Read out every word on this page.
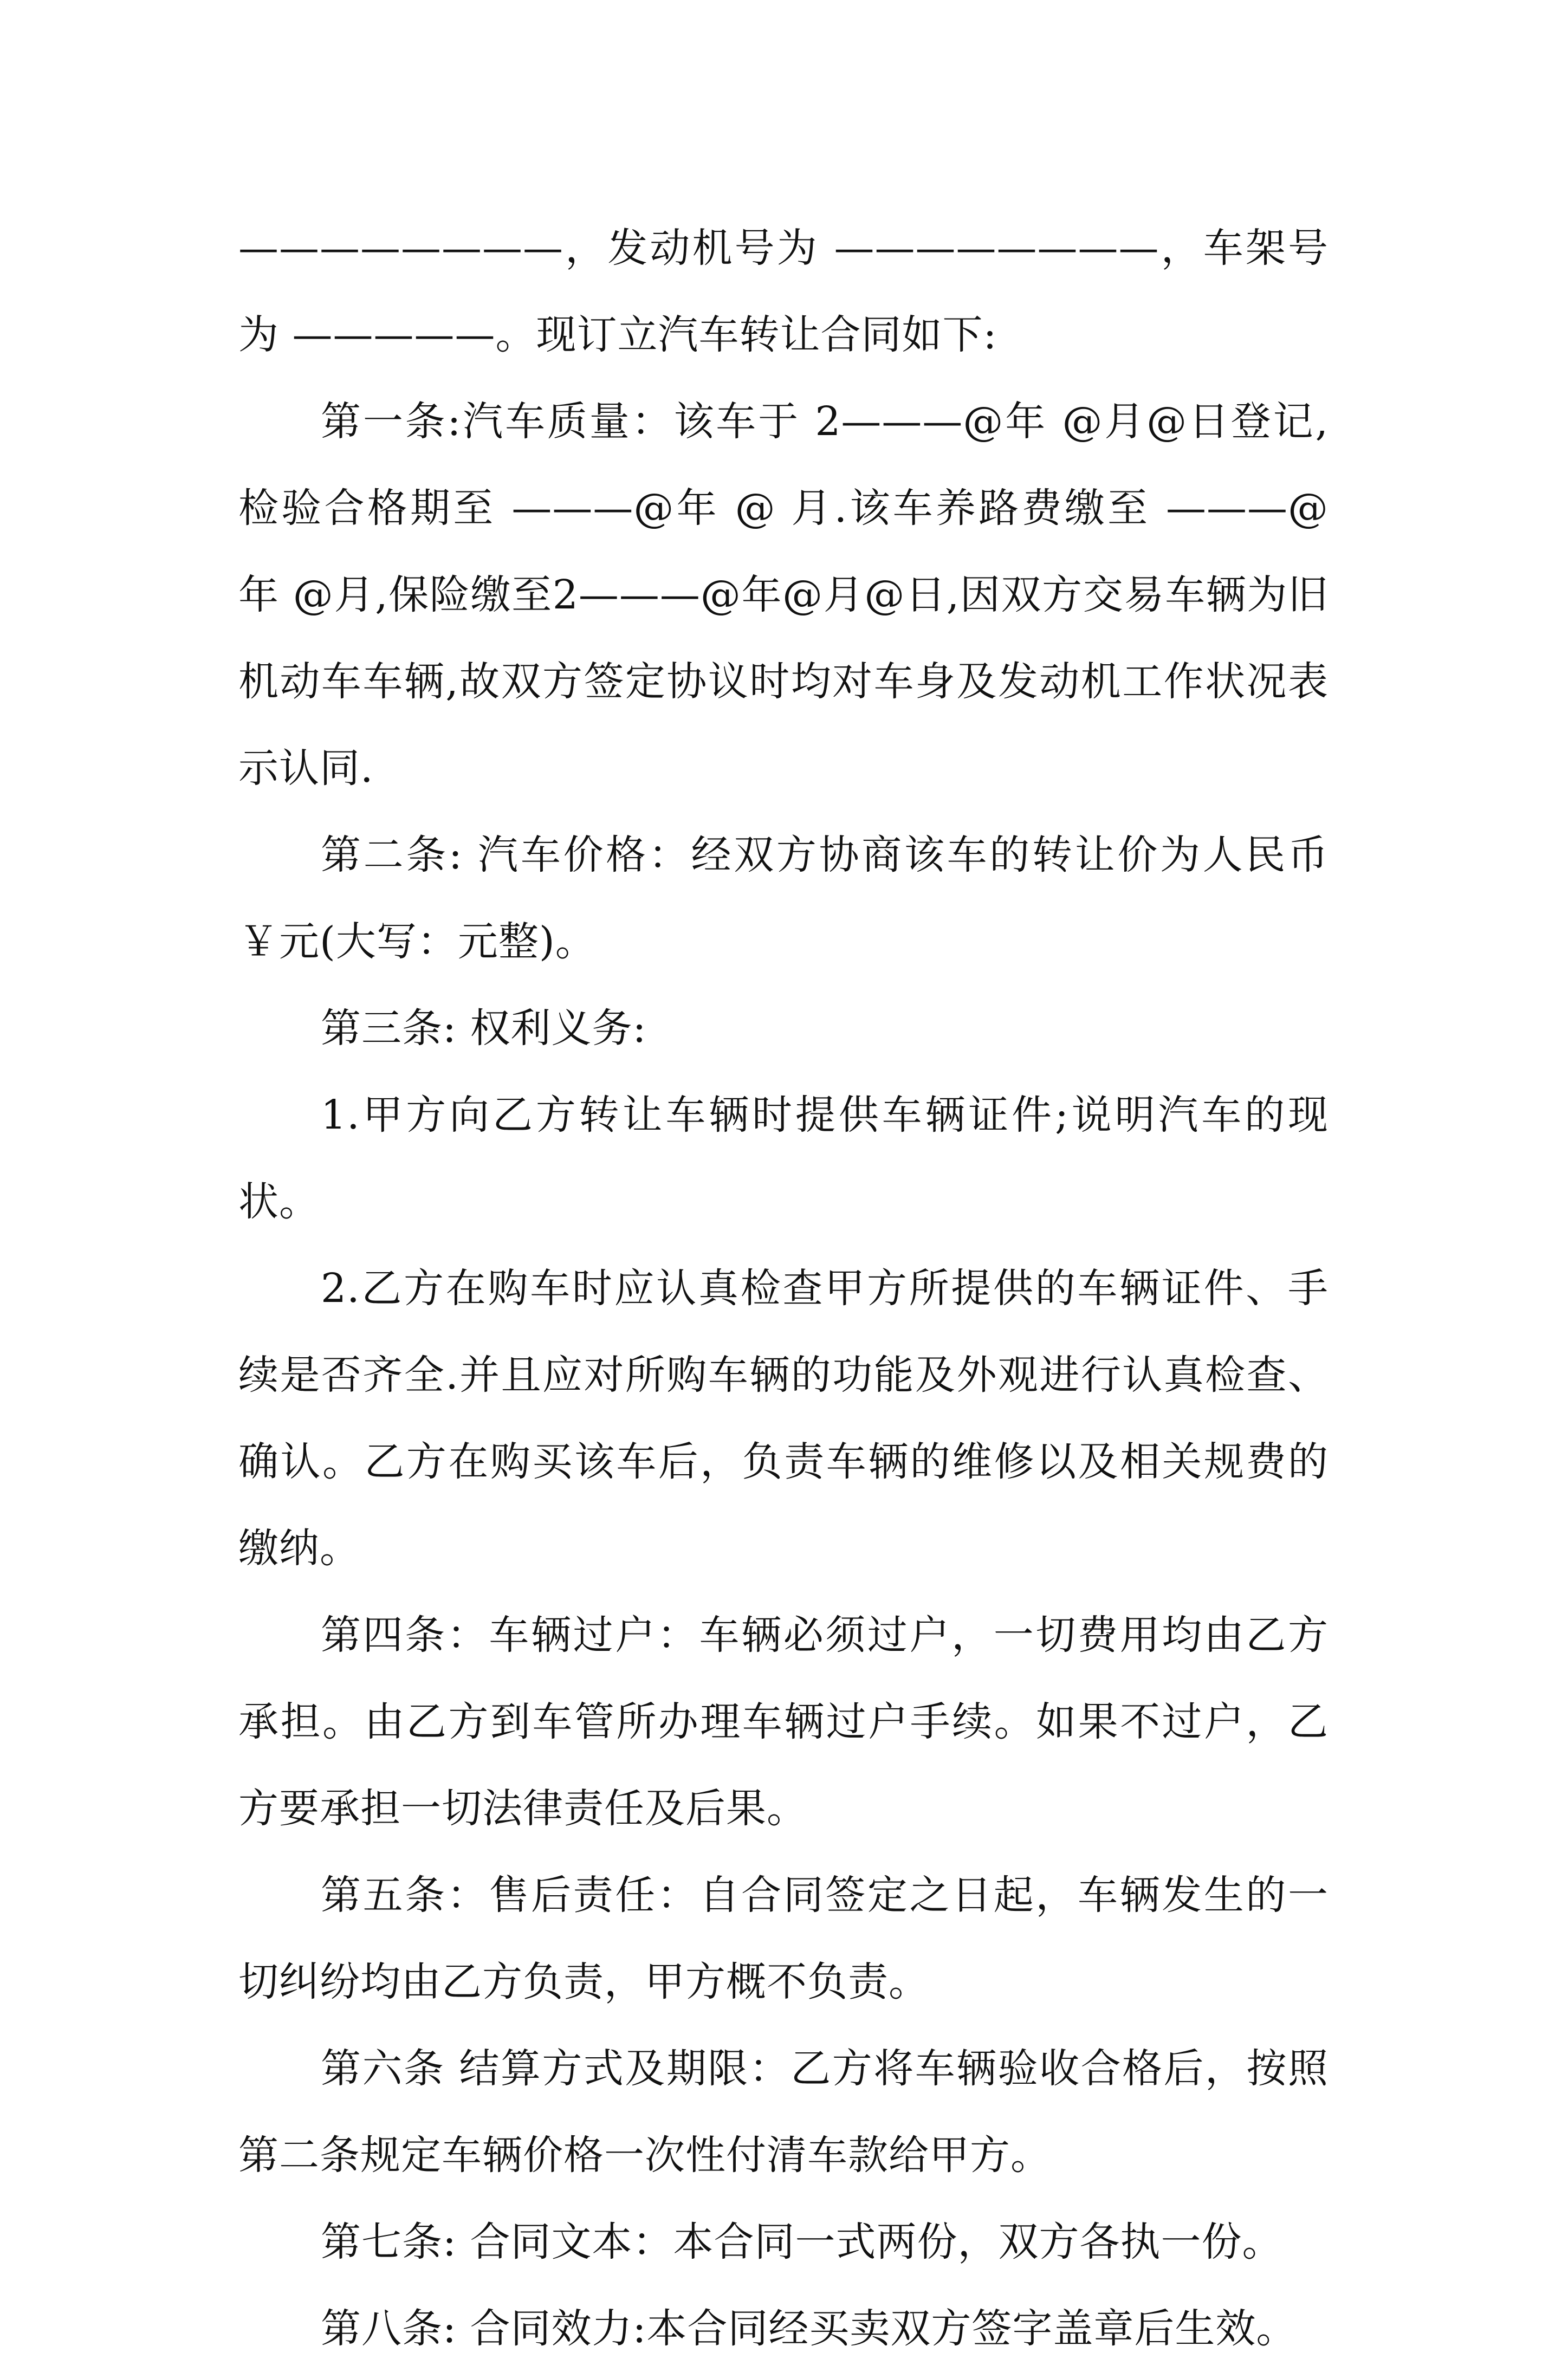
————————，发动机号为 ————————，车架号为 —————。现订立汽车转让合同如下:

第一条:汽车质量：该车于 2———@年 @月@日登记,检验合格期至 ———@年 @ 月.该车养路费缴至 ———@ 年 @月,保险缴至2———@年@月@日,因双方交易车辆为旧机动车车辆,故双方签定协议时均对车身及发动机工作状况表示认同.

第二条: 汽车价格：经双方协商该车的转让价为人民币￥元(大写：元整)。

第三条: 权利义务:

1.甲方向乙方转让车辆时提供车辆证件;说明汽车的现状。

2.乙方在购车时应认真检查甲方所提供的车辆证件、手续是否齐全.并且应对所购车辆的功能及外观进行认真检查、确认。乙方在购买该车后，负责车辆的维修以及相关规费的缴纳。

第四条：车辆过户：车辆必须过户，一切费用均由乙方承担。由乙方到车管所办理车辆过户手续。如果不过户，乙方要承担一切法律责任及后果。

第五条：售后责任：自合同签定之日起，车辆发生的一切纠纷均由乙方负责，甲方概不负责。

第六条 结算方式及期限：乙方将车辆验收合格后，按照第二条规定车辆价格一次性付清车款给甲方。

第七条: 合同文本：本合同一式两份，双方各执一份。

第八条: 合同效力:本合同经买卖双方签字盖章后生效。
